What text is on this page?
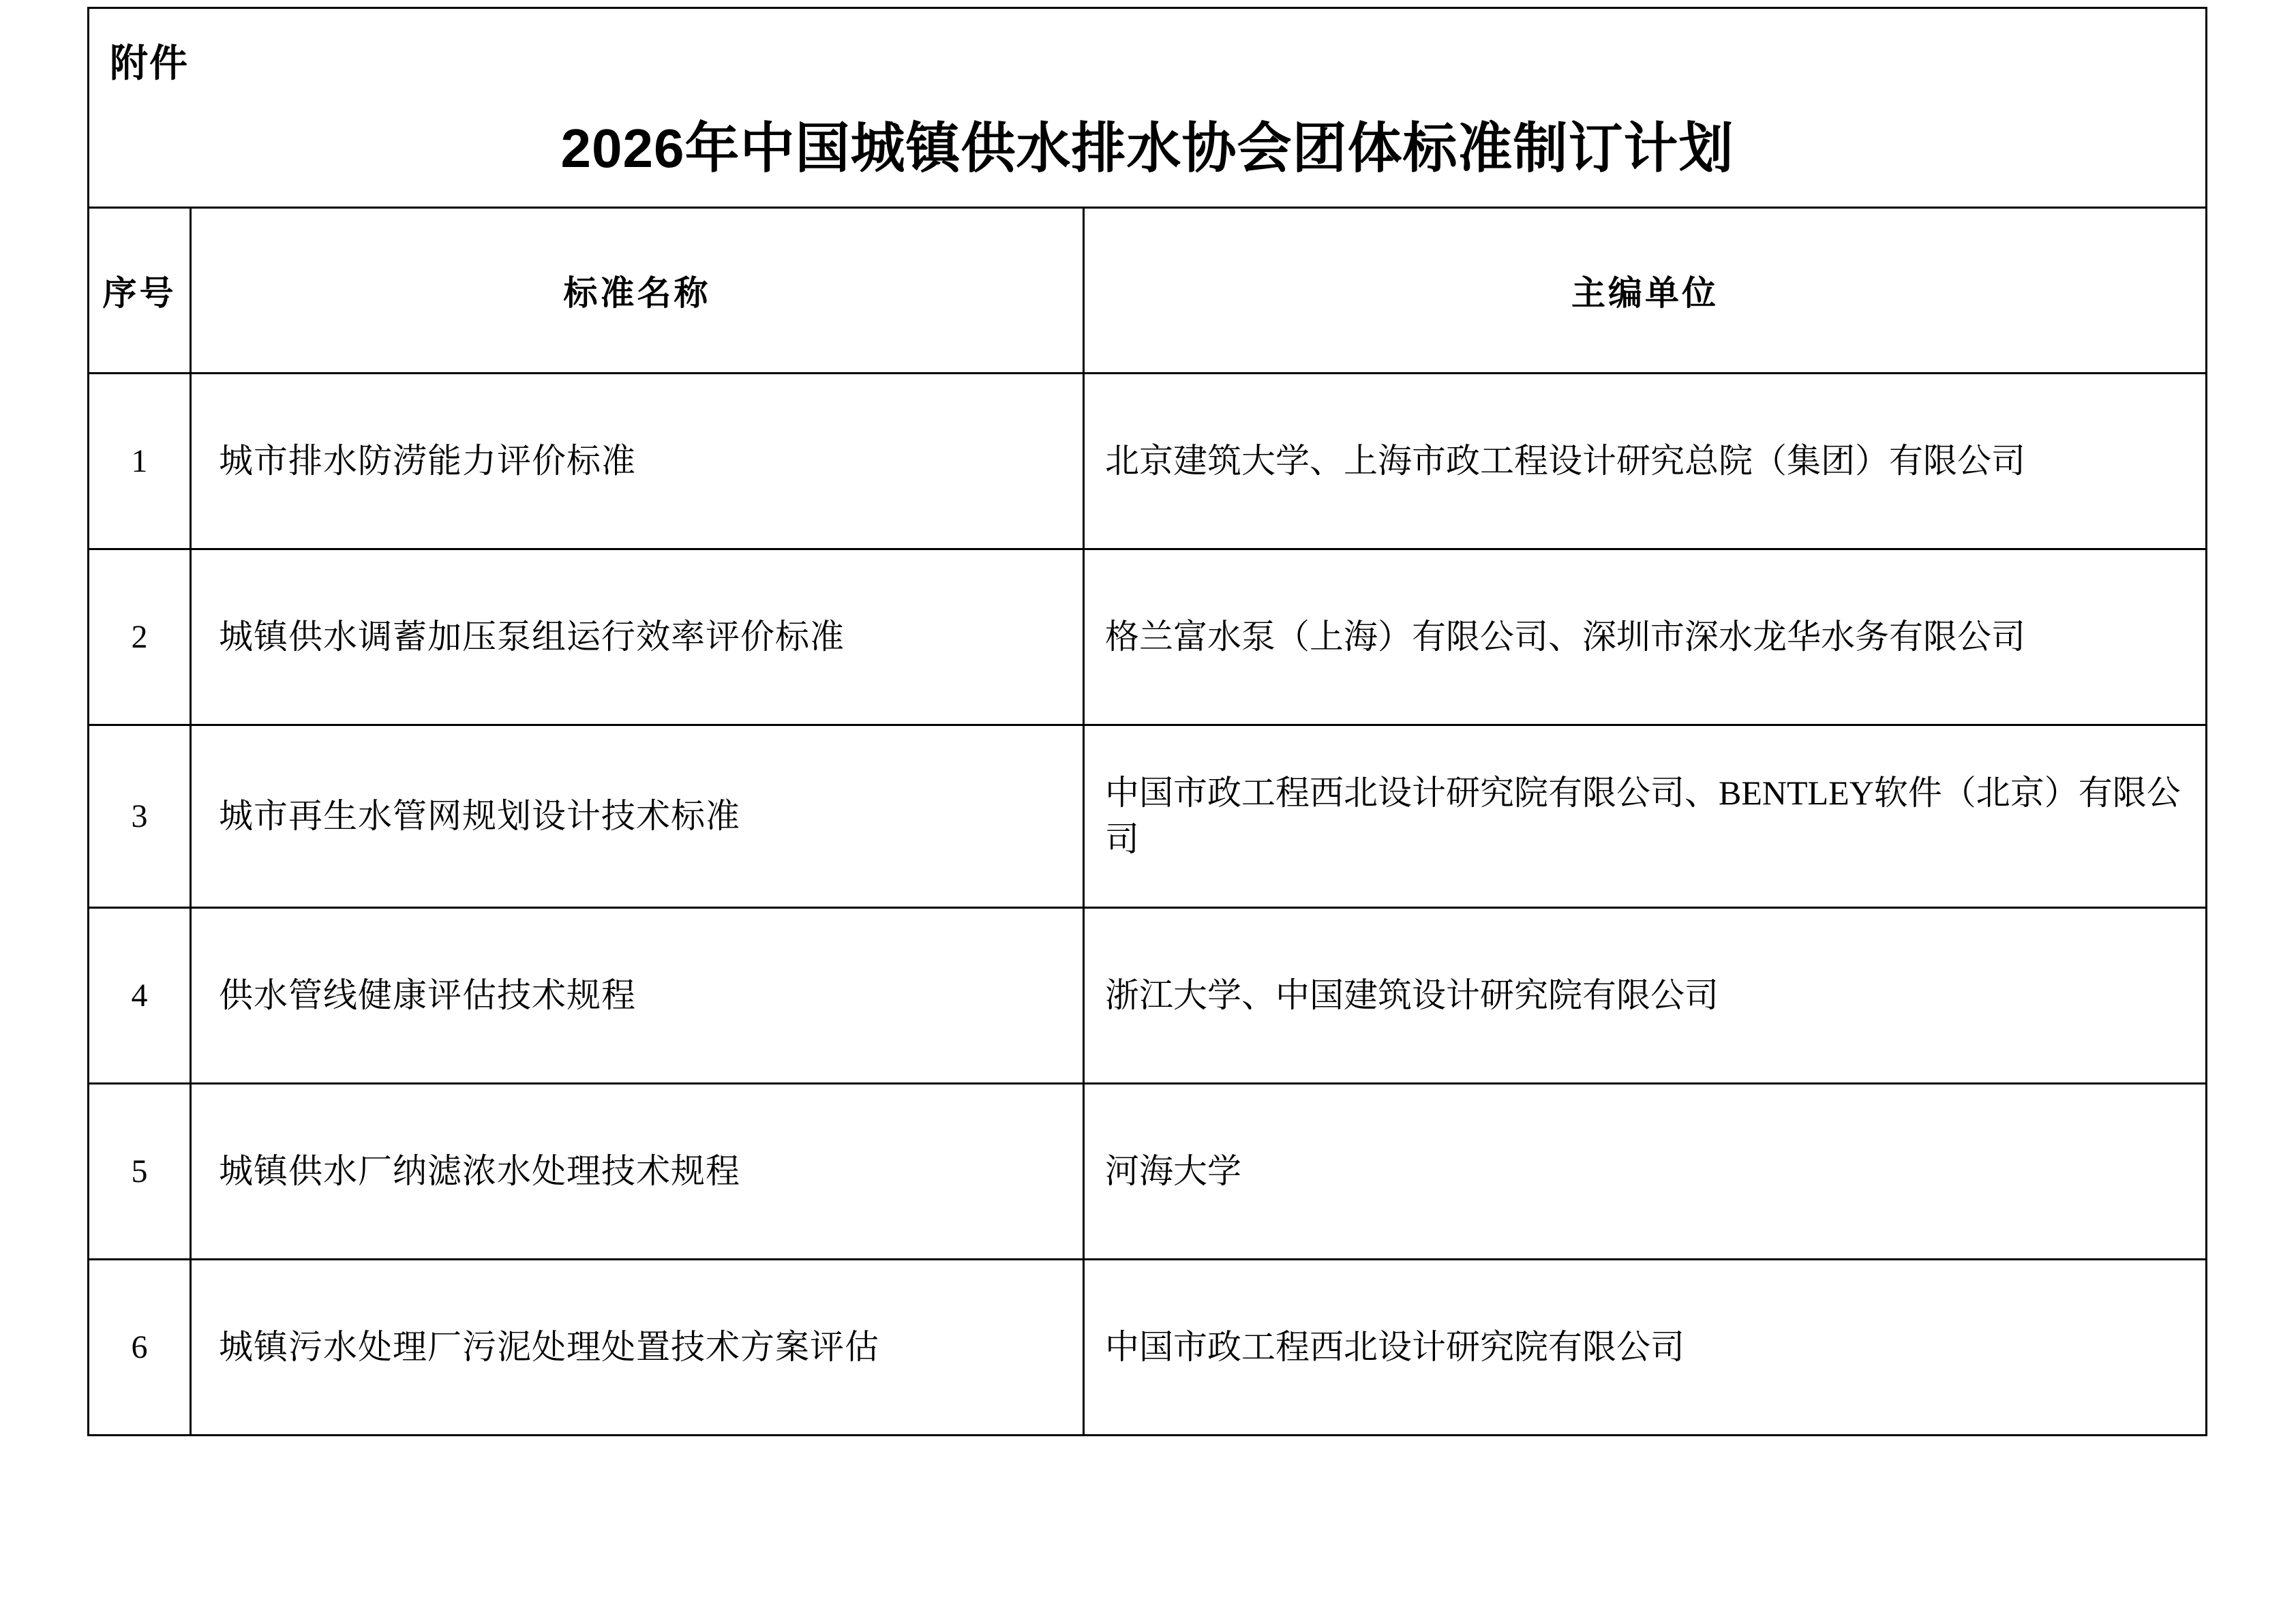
附件
2026年中国城镇供水排水协会团体标准制订计划		

序号	标准名称	主编单位
1	城市排水防涝能力评价标准	北京建筑大学、上海市政工程设计研究总院（集团）有限公司
2	城镇供水调蓄加压泵组运行效率评价标准	格兰富水泵（上海）有限公司、深圳市深水龙华水务有限公司
3	城市再生水管网规划设计技术标准	中国市政工程西北设计研究院有限公司、BENTLEY软件（北京）有限公司
4	供水管线健康评估技术规程	浙江大学、中国建筑设计研究院有限公司
5	城镇供水厂纳滤浓水处理技术规程	河海大学
6	城镇污水处理厂污泥处理处置技术方案评估	中国市政工程西北设计研究院有限公司
